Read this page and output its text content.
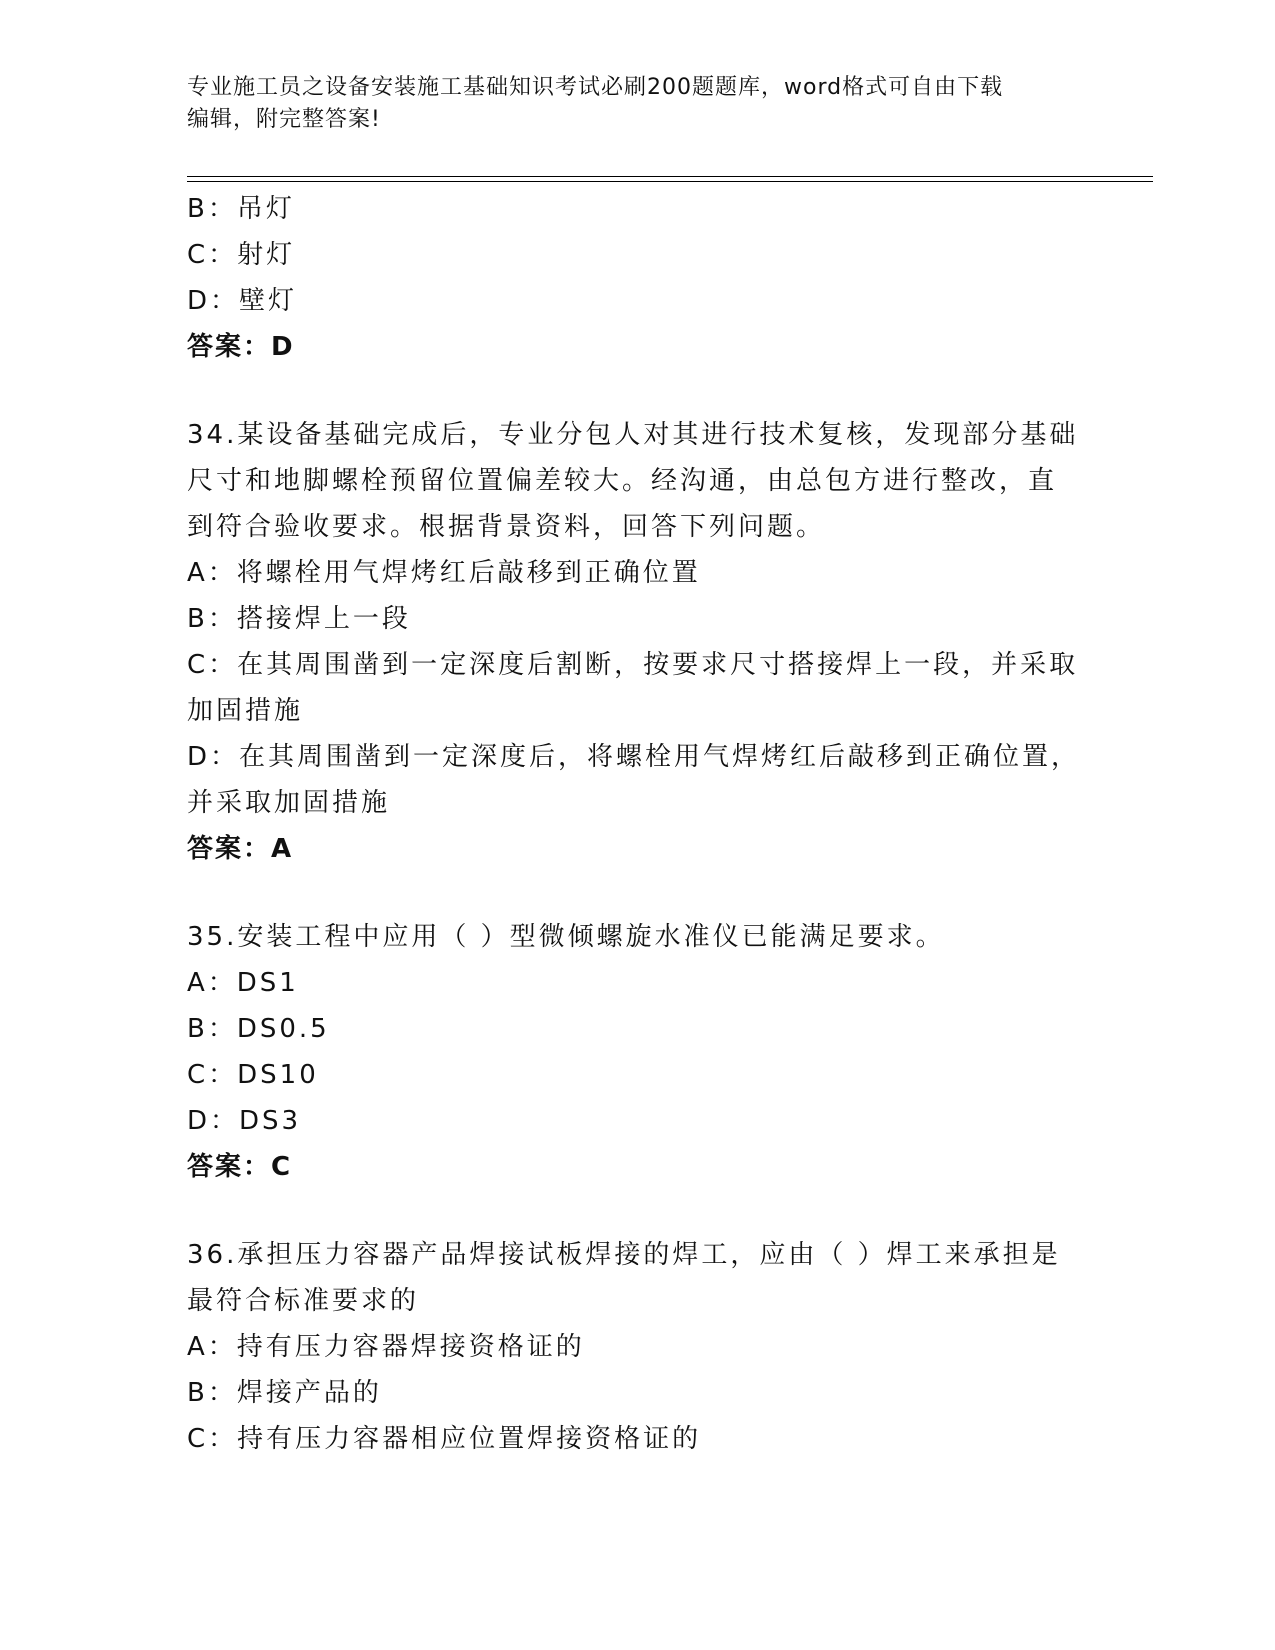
专业施工员之设备安装施工基础知识考试必刷200题题库，word格式可自由下载
编辑，附完整答案!
B：吊灯
C：射灯
D：壁灯
答案：D
34.某设备基础完成后，专业分包人对其进行技术复核，发现部分基础
尺寸和地脚螺栓预留位置偏差较大。经沟通，由总包方进行整改，直
到符合验收要求。根据背景资料，回答下列问题。
A：将螺栓用气焊烤红后敲移到正确位置
B：搭接焊上一段
C：在其周围凿到一定深度后割断，按要求尺寸搭接焊上一段，并采取
加固措施
D：在其周围凿到一定深度后，将螺栓用气焊烤红后敲移到正确位置，
并采取加固措施
答案：A
35.安装工程中应用（ ）型微倾螺旋水准仪已能满足要求。
A：DS1
B：DS0.5
C：DS10
D：DS3
答案：C
36.承担压力容器产品焊接试板焊接的焊工，应由（ ）焊工来承担是
最符合标准要求的
A：持有压力容器焊接资格证的
B：焊接产品的
C：持有压力容器相应位置焊接资格证的
